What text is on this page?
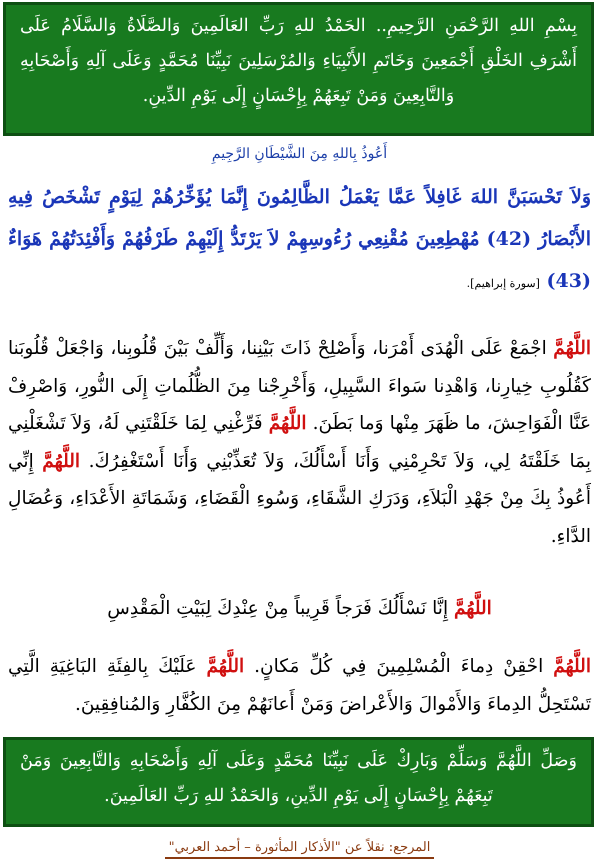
بِسْمِ اللهِ الرَّحْمَنِ الرَّحِيمِ.. الحَمْدُ للهِ رَبِّ العَالَمِينَ وَالصَّلَاةُ وَالسَّلَامُ عَلَى أَشْرَفِ الخَلْقِ أَجْمَعِينَ وَخَاتَمِ الأَنْبِيَاءِ وَالمُرْسَلِينَ نَبِيِّنَا مُحَمَّدٍ وَعَلَى آلِهِ وَأَصْحَابِهِ وَالتَّابِعِينَ وَمَنْ تَبِعَهُمْ بِإِحْسَانٍ إِلَى يَوْمِ الدِّينِ.
أَعُوذُ بِاللهِ مِنَ الشَّيْطَانِ الرَّجِيمِ
وَلاَ تَحْسَبَنَّ اللهَ غَافِلاً عَمَّا يَعْمَلُ الظَّالِمُونَ إِنَّمَا يُؤَخِّرُهُمْ لِيَوْمٍ تَشْخَصُ فِيهِ الأَبْصَارُ (42) مُهْطِعِينَ مُقْنِعِي رُءُوسِهِمْ لاَ يَرْتَدُّ إِلَيْهِمْ طَرْفُهُمْ وَأَفْئِدَتُهُمْ هَوَاءٌ (43) [سورة إبراهيم].
اللَّهُمَّ اجْمَعْ عَلَى الْهُدَى أَمْرَنا، وَأَصْلِحْ ذَاتَ بَيْنِنا، وَأَلِّفْ بَيْنَ قُلُوبِنا، وَاجْعَلْ قُلُوبَنا كَقُلُوبِ خِيارِنا، وَاهْدِنا سَواءَ السَّبِيلِ، وَأَخْرِجْنا مِنَ الظُّلُماتِ إِلَى النُّورِ، وَاصْرِفْ عَنَّا الْفَوَاحِشَ، ما ظَهَرَ مِنْها وَما بَطَنَ. اللَّهُمَّ فَرِّغْنِي لِمَا خَلَقْتَنِي لَهُ، وَلاَ تَشْغَلْنِي بِمَا خَلَقْتَهُ لِي، وَلاَ تَحْرِمْنِي وَأَنَا أَسْأَلُكَ، وَلاَ تُعَذِّبْنِي وَأَنَا أَسْتَغْفِرُكَ. اللَّهُمَّ إِنِّي أَعُوذُ بِكَ مِنْ جَهْدِ الْبَلاَءِ، وَدَرَكِ الشَّقَاءِ، وَسُوءِ الْقَضَاءِ، وَشَمَاتَةِ الأَعْدَاءِ، وَعُضَالِ الدَّاءِ.
اللَّهُمَّ إِنَّا نَسْأَلُكَ فَرَجاً قَرِيباً مِنْ عِنْدِكَ لِبَيْتِ الْمَقْدِسِ
اللَّهُمَّ احْقِنْ دِماءَ الْمُسْلِمِينَ فِي كُلِّ مَكانٍ. اللَّهُمَّ عَلَيْكَ بِالفِئَةِ البَاغِيَةِ الَّتِي تَسْتَحِلُّ الدِماءَ وَالأَمْوالَ وَالأَعْراضَ وَمَنْ أَعانَهُمْ مِنَ الكُفَّارِ وَالمُنافِقِينَ.
وَصَلِّ اللَّهُمَّ وَسَلِّمْ وَبَارِكْ عَلَى نَبِيِّنَا مُحَمَّدٍ وَعَلَى آلِهِ وَأَصْحَابِهِ وَالتَّابِعِينَ وَمَنْ تَبِعَهُمْ بِإِحْسَانٍ إِلَى يَوْمِ الدِّينِ، وَالحَمْدُ للهِ رَبِّ العَالَمِينَ.
المرجع: نقلاً عن "الأذكار المأثورة – أحمد العربي"
